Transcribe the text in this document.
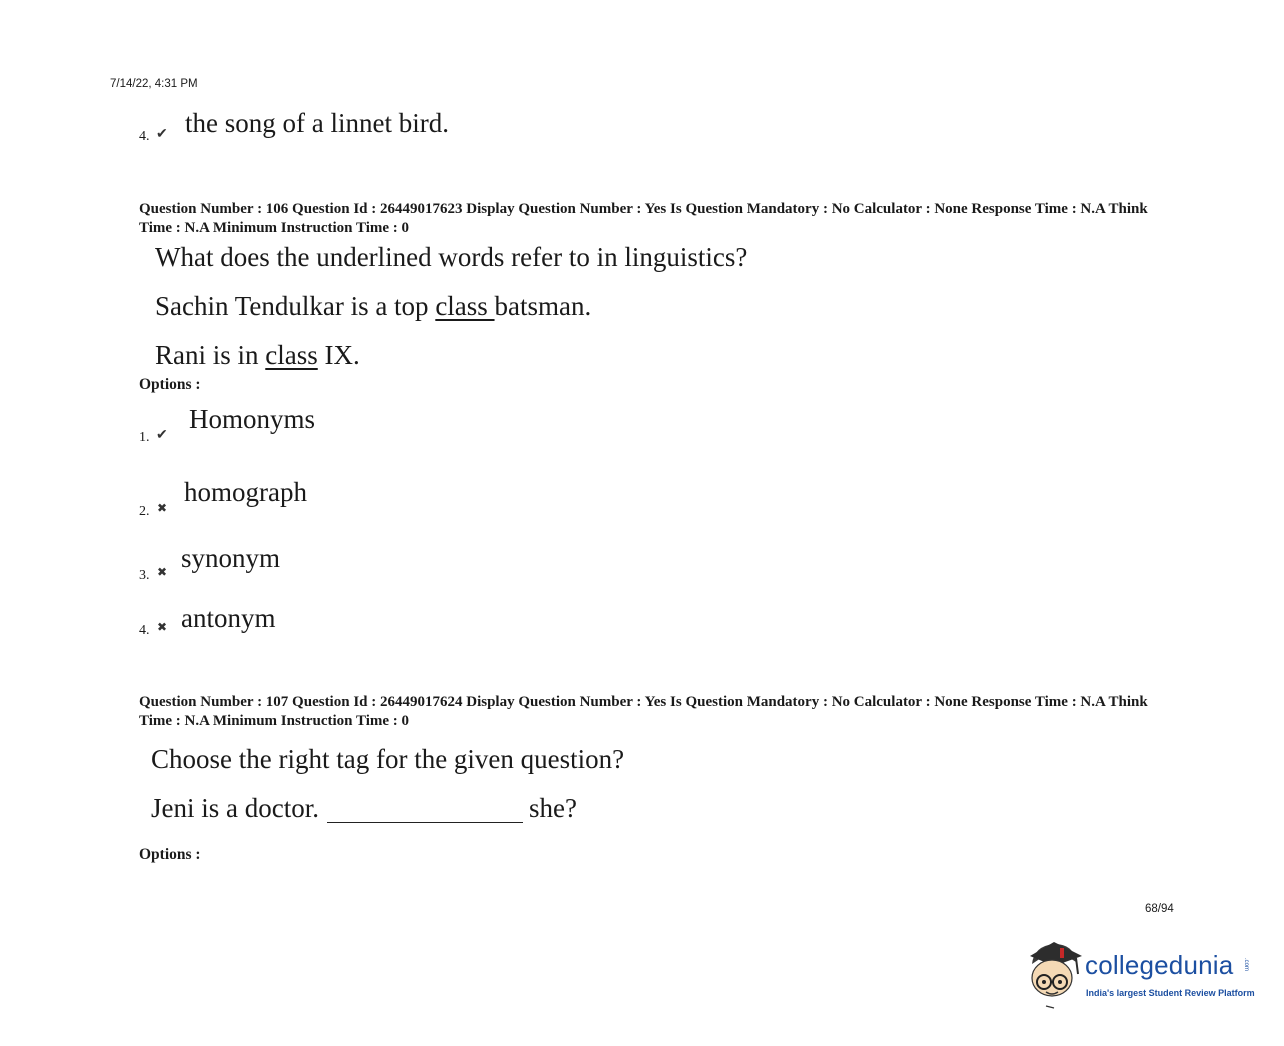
7/14/22, 4:31 PM
4. ✔ the song of a linnet bird.
Question Number : 106 Question Id : 26449017623 Display Question Number : Yes Is Question Mandatory : No Calculator : None Response Time : N.A Think Time : N.A Minimum Instruction Time : 0
What does the underlined words refer to in linguistics?
Sachin Tendulkar is a top class batsman.
Rani is in class IX.
Options :
1. ✔
Homonyms
2. ✖
homograph
3. ✖ synonym
4. ✖ antonym
Question Number : 107 Question Id : 26449017624 Display Question Number : Yes Is Question Mandatory : No Calculator : None Response Time : N.A Think Time : N.A Minimum Instruction Time : 0
Choose the right tag for the given question?
Jeni is a doctor.	she?
Options :
68/94
collegedunia .com
India's largest Student Review Platform
